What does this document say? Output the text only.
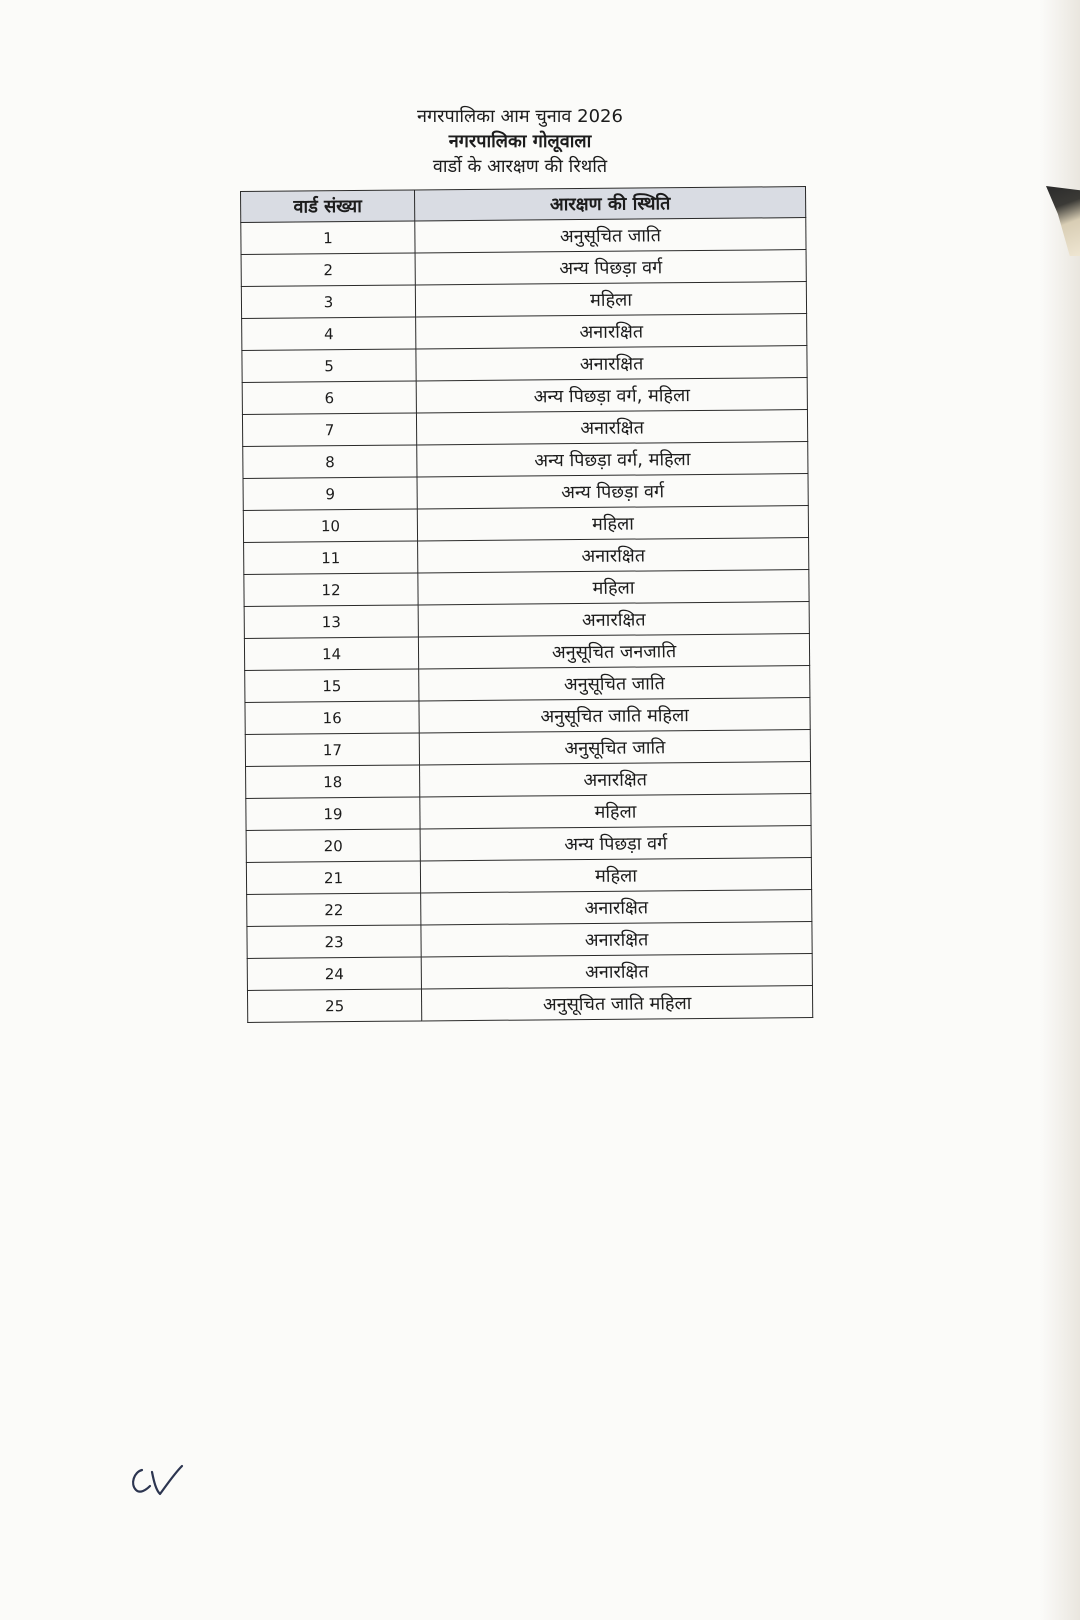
नगरपालिका आम चुनाव 2026
नगरपालिका गोलूवाला
वार्डो के आरक्षण की रिथति
वार्ड संख्या	आरक्षण की स्थिति
1	अनुसूचित जाति
2	अन्य पिछड़ा वर्ग
3	महिला
4	अनारक्षित
5	अनारक्षित
6	अन्य पिछड़ा वर्ग, महिला
7	अनारक्षित
8	अन्य पिछड़ा वर्ग, महिला
9	अन्य पिछड़ा वर्ग
10	महिला
11	अनारक्षित
12	महिला
13	अनारक्षित
14	अनुसूचित जनजाति
15	अनुसूचित जाति
16	अनुसूचित जाति महिला
17	अनुसूचित जाति
18	अनारक्षित
19	महिला
20	अन्य पिछड़ा वर्ग
21	महिला
22	अनारक्षित
23	अनारक्षित
24	अनारक्षित
25	अनुसूचित जाति महिला
